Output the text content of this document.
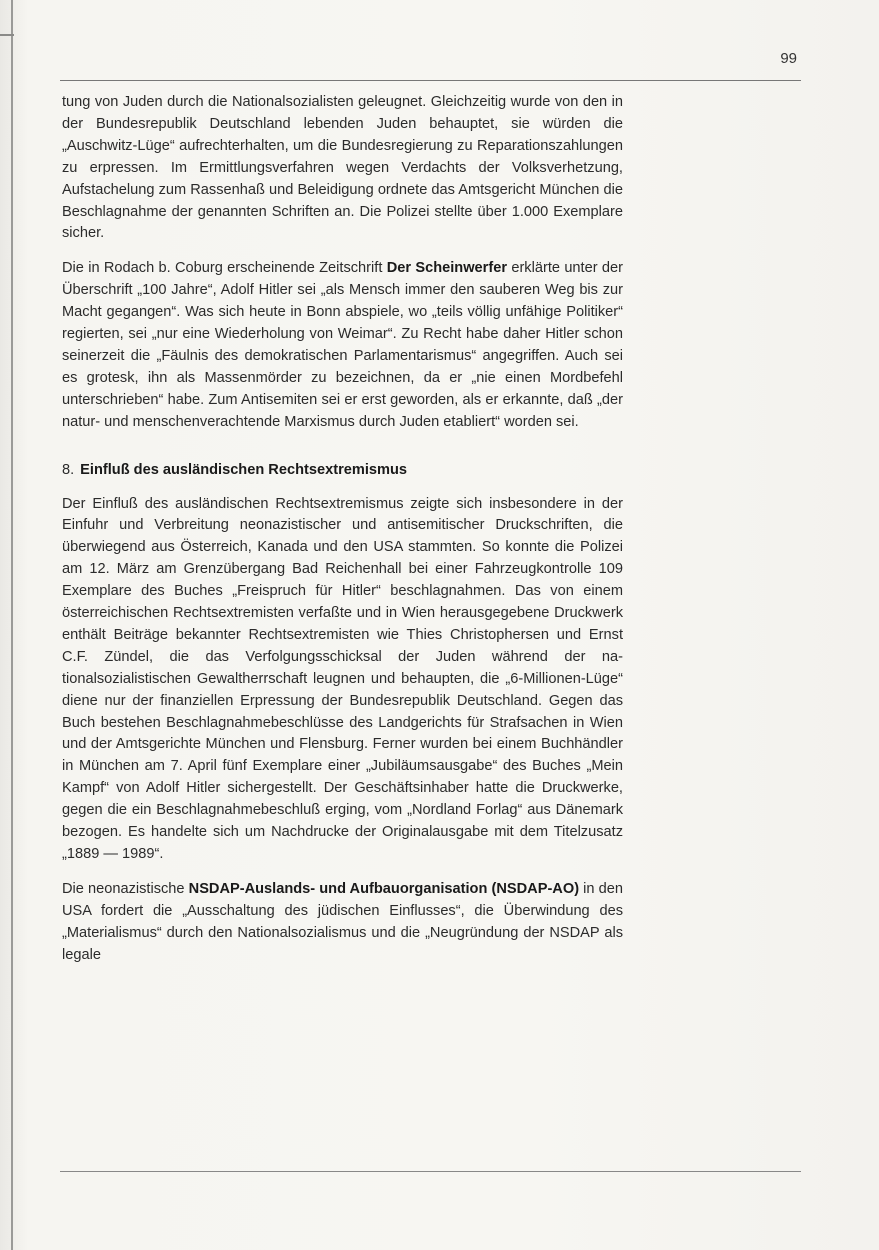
99

tung von Juden durch die Nationalsozialisten geleugnet. Gleichzeitig wurde von den in der Bundesrepublik Deutschland lebenden Juden behauptet, sie würden die „Auschwitz-Lüge“ aufrechterhalten, um die Bundesregierung zu Reparationszahlungen zu erpressen. Im Ermittlungsverfahren wegen Verdachts der Volksverhetzung, Aufstachelung zum Rassenhaß und Beleidigung ordnete das Amtsgericht München die Beschlagnahme der genannten Schriften an. Die Polizei stellte über 1.000 Exemplare sicher.

Die in Rodach b. Coburg erscheinende Zeitschrift Der Scheinwerfer erklärte unter der Überschrift „100 Jahre“, Adolf Hitler sei „als Mensch immer den sauberen Weg bis zur Macht gegangen“. Was sich heute in Bonn abspiele, wo „teils völlig unfähige Politiker“ regierten, sei „nur eine Wiederholung von Weimar“. Zu Recht habe daher Hitler schon seinerzeit die „Fäulnis des demokratischen Parlamentarismus“ angegriffen. Auch sei es grotesk, ihn als Massenmörder zu bezeichnen, da er „nie einen Mordbefehl unterschrieben“ habe. Zum Antisemiten sei er erst geworden, als er erkannte, daß „der natur- und menschenverachtende Marxismus durch Juden etabliert“ worden sei.

8. Einfluß des ausländischen Rechtsextremismus

Der Einfluß des ausländischen Rechtsextremismus zeigte sich insbesondere in der Einfuhr und Verbreitung neonazistischer und antisemitischer Druckschriften, die überwiegend aus Österreich, Kanada und den USA stammten. So konnte die Polizei am 12. März am Grenzübergang Bad Reichenhall bei einer Fahrzeugkontrolle 109 Exemplare des Buches „Freispruch für Hitler“ beschlagnahmen. Das von einem österreichischen Rechtsextremisten verfaßte und in Wien herausgegebene Druckwerk enthält Beiträge bekannter Rechtsextremisten wie Thies Christophersen und Ernst C.F. Zündel, die das Verfolgungsschicksal der Juden während der nationalsozialistischen Gewaltherrschaft leugnen und behaupten, die „6-Millionen-Lüge“ diene nur der finanziellen Erpressung der Bundesrepublik Deutschland. Gegen das Buch bestehen Beschlagnahmebeschlüsse des Landgerichts für Strafsachen in Wien und der Amtsgerichte München und Flensburg. Ferner wurden bei einem Buchhändler in München am 7. April fünf Exemplare einer „Jubiläumsausgabe“ des Buches „Mein Kampf“ von Adolf Hitler sichergestellt. Der Geschäftsinhaber hatte die Druckwerke, gegen die ein Beschlagnahmebeschluß erging, vom „Nordland Forlag“ aus Dänemark bezogen. Es handelte sich um Nachdrucke der Originalausgabe mit dem Titelzusatz „1889 — 1989“.

Die neonazistische NSDAP-Auslands- und Aufbauorganisation (NSDAP-AO) in den USA fordert die „Ausschaltung des jüdischen Einflusses“, die Überwindung des „Materialismus“ durch den Nationalsozialismus und die „Neugründung der NSDAP als legale
